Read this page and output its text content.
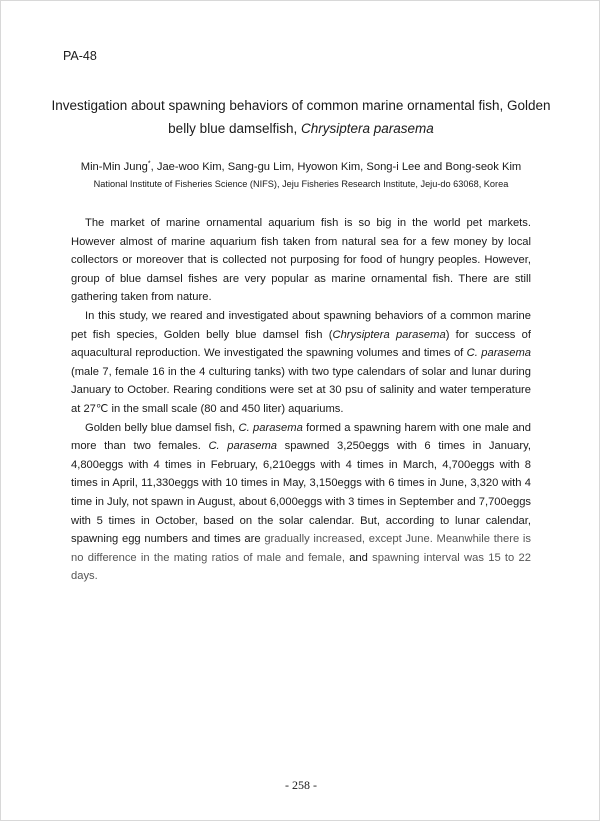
PA-48
Investigation about spawning behaviors of common marine ornamental fish, Golden belly blue damselfish, Chrysiptera parasema
Min-Min Jung*, Jae-woo Kim, Sang-gu Lim, Hyowon Kim, Song-i Lee and Bong-seok Kim
National Institute of Fisheries Science (NIFS), Jeju Fisheries Research Institute, Jeju-do 63068, Korea

The market of marine ornamental aquarium fish is so big in the world pet markets. However almost of marine aquarium fish taken from natural sea for a few money by local collectors or moreover that is collected not purposing for food of hungry peoples. However, group of blue damsel fishes are very popular as marine ornamental fish. There are still gathering taken from nature.

In this study, we reared and investigated about spawning behaviors of a common marine pet fish species, Golden belly blue damsel fish (Chrysiptera parasema) for success of aquacultural reproduction. We investigated the spawning volumes and times of C. parasema (male 7, female 16 in the 4 culturing tanks) with two type calendars of solar and lunar during January to October. Rearing conditions were set at 30 psu of salinity and water temperature at 27℃ in the small scale (80 and 450 liter) aquariums.

Golden belly blue damsel fish, C. parasema formed a spawning harem with one male and more than two females. C. parasema spawned 3,250eggs with 6 times in January, 4,800eggs with 4 times in February, 6,210eggs with 4 times in March, 4,700eggs with 8 times in April, 11,330eggs with 10 times in May, 3,150eggs with 6 times in June, 3,320 with 4 time in July, not spawn in August, about 6,000eggs with 3 times in September and 7,700eggs with 5 times in October, based on the solar calendar. But, according to lunar calendar, spawning egg numbers and times are gradually increased, except June. Meanwhile there is no difference in the mating ratios of male and female, and spawning interval was 15 to 22 days.

- 258 -
